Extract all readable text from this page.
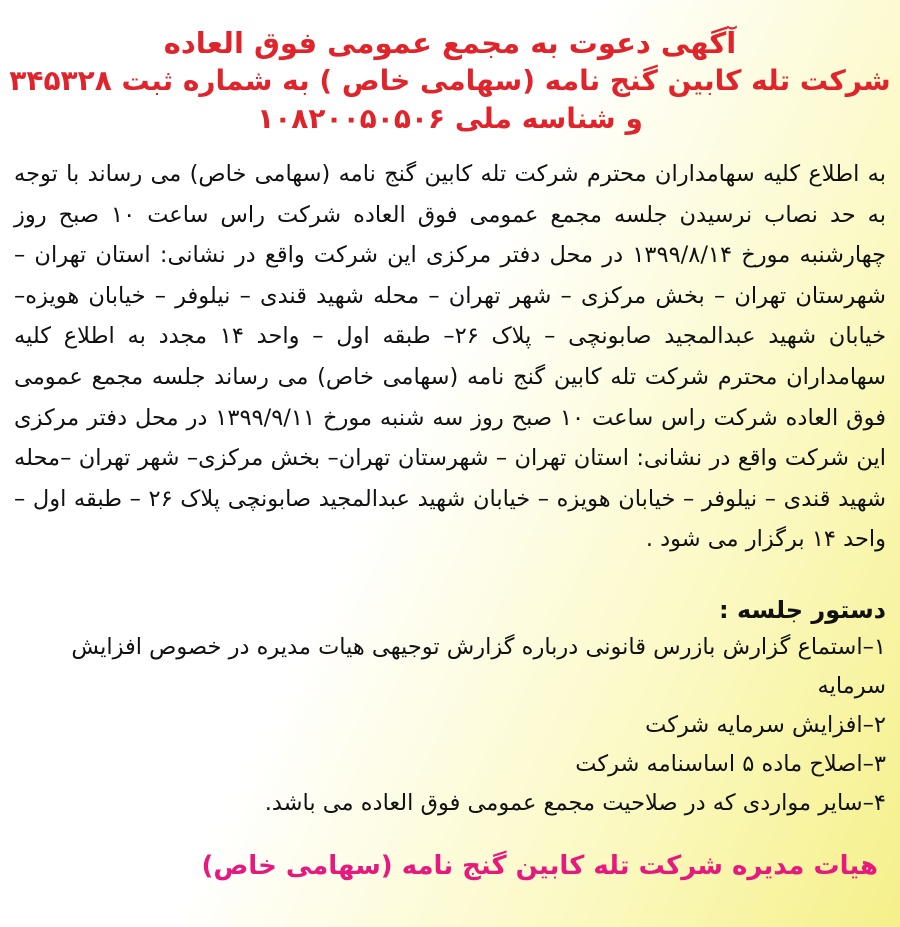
آگهی دعوت به مجمع عمومی فوق العاده
شرکت تله کابین گنج نامه (سهامی خاص ) به شماره ثبت ۳۴۵۳۲۸
و شناسه ملی ۱۰۸۲۰۰۵۰۵۰۶
به اطلاع کلیه سهامداران محترم شرکت تله کابین گنج نامه (سهامی خاص) می رساند با توجه به حد نصاب نرسیدن جلسه مجمع عمومی فوق العاده شرکت راس ساعت ۱۰ صبح روز چهارشنبه مورخ ۱۳۹۹/۸/۱۴ در محل دفتر مرکزی این شرکت واقع در نشانی: استان تهران – شهرستان تهران – بخش مرکزی – شهر تهران – محله شهید قندی – نیلوفر – خیابان هویزه– خیابان شهید عبدالمجید صابونچی – پلاک ۲۶– طبقه اول – واحد ۱۴ مجدد به اطلاع کلیه سهامداران محترم شرکت تله کابین گنج نامه (سهامی خاص) می رساند جلسه مجمع عمومی فوق العاده شرکت راس ساعت ۱۰ صبح روز سه شنبه مورخ ۱۳۹۹/۹/۱۱ در محل دفتر مرکزی این شرکت واقع در نشانی: استان تهران – شهرستان تهران– بخش مرکزی– شهر تهران –محله شهید قندی – نیلوفر – خیابان هویزه – خیابان شهید عبدالمجید صابونچی پلاک ۲۶ – طبقه اول – واحد ۱۴ برگزار می شود .
دستور جلسه :
۱–استماع گزارش بازرس قانونی درباره گزارش توجیهی هیات مدیره در خصوص افزایش سرمایه
۲–افزایش سرمایه شرکت
۳–اصلاح ماده ۵ اساسنامه شرکت
۴–سایر مواردی که در صلاحیت مجمع عمومی فوق العاده می باشد.
هیات مدیره شرکت تله کابین گنج نامه (سهامی خاص)
